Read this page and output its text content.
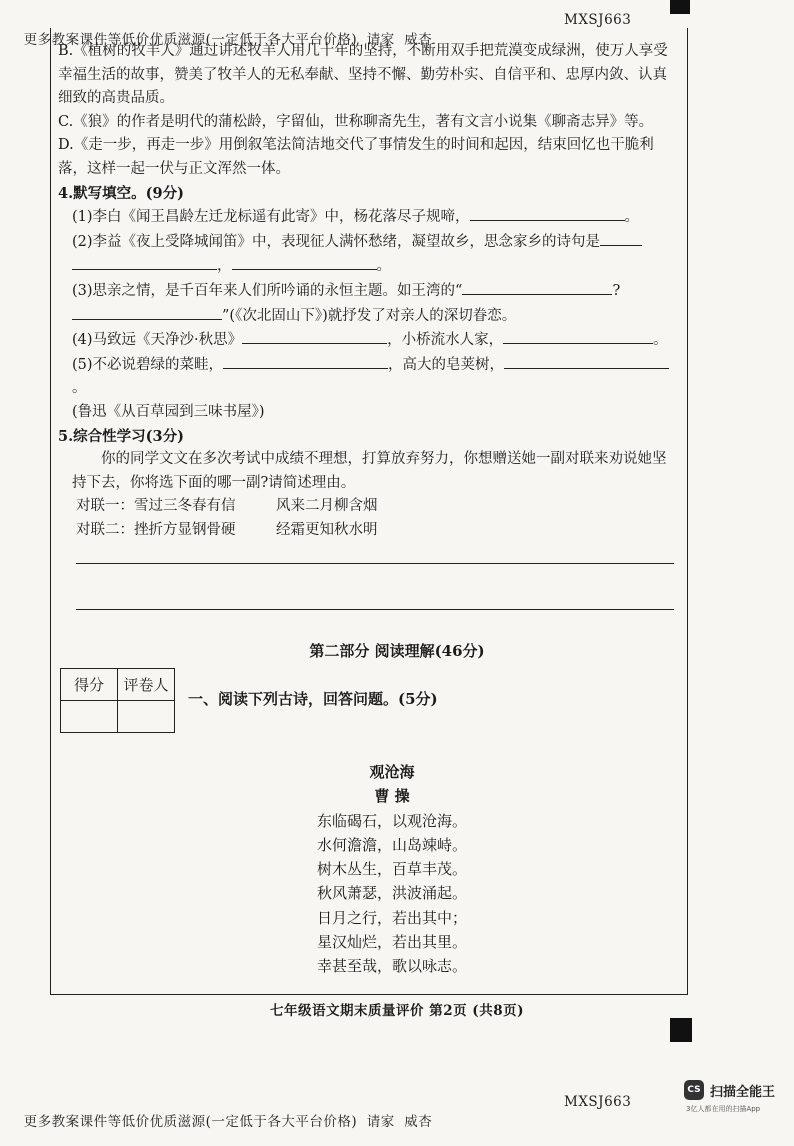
更多教案课件等低价优质滋源(一定低于各大平台价格)  请家  威杏

MXSJ663

B.《植树的牧羊人》通过讲述牧羊人用几十年的坚持，不断用双手把荒漠变成绿洲，使万人享受幸福生活的故事，赞美了牧羊人的无私奉献、坚持不懈、勤劳朴实、自信平和、忠厚内敛、认真细致的高贵品质。

C.《狼》的作者是明代的蒲松龄，字留仙，世称聊斋先生，著有文言小说集《聊斋志异》等。

D.《走一步，再走一步》用倒叙笔法简洁地交代了事情发生的时间和起因，结束回忆也干脆利落，这样一起一伏与正文浑然一体。

4.默写填空。(9分)

(1)李白《闻王昌龄左迁龙标遥有此寄》中，杨花落尽子规啼，	。

(2)李益《夜上受降城闻笛》中，表现征人满怀愁绪，凝望故乡，思念家乡的诗句是

，	。

(3)思亲之情，是千百年来人们所吟诵的永恒主题。如王湾的“	?

”(《次北固山下》)就抒发了对亲人的深切眷恋。

(4)马致远《天净沙·秋思》	，小桥流水人家，	。

(5)不必说碧绿的菜畦，	，高大的皂荚树，。

(鲁迅《从百草园到三味书屋》)

5.综合性学习(3分)

你的同学文文在多次考试中成绩不理想，打算放弃努力，你想赠送她一副对联来劝说她坚持下去，你将选下面的哪一副?请简述理由。

对联一：雪过三冬春有信	风来二月柳含烟

对联二：挫折方显钢骨硬	经霜更知秋水明

第二部分 阅读理解(46分)
得分	评卷人

一、阅读下列古诗，回答问题。(5分)
观沧海
曹 操
东临碣石，以观沧海。
水何澹澹，山岛竦峙。
树木丛生，百草丰茂。
秋风萧瑟，洪波涌起。
日月之行，若出其中；
星汉灿烂，若出其里。
幸甚至哉，歌以咏志。
七年级语文期末质量评价 第2页 (共8页)

更多教案课件等低价优质滋源(一定低于各大平台价格)  请家  威杏

MXSJ663

CS 扫描全能王
3亿人都在用的扫描App
